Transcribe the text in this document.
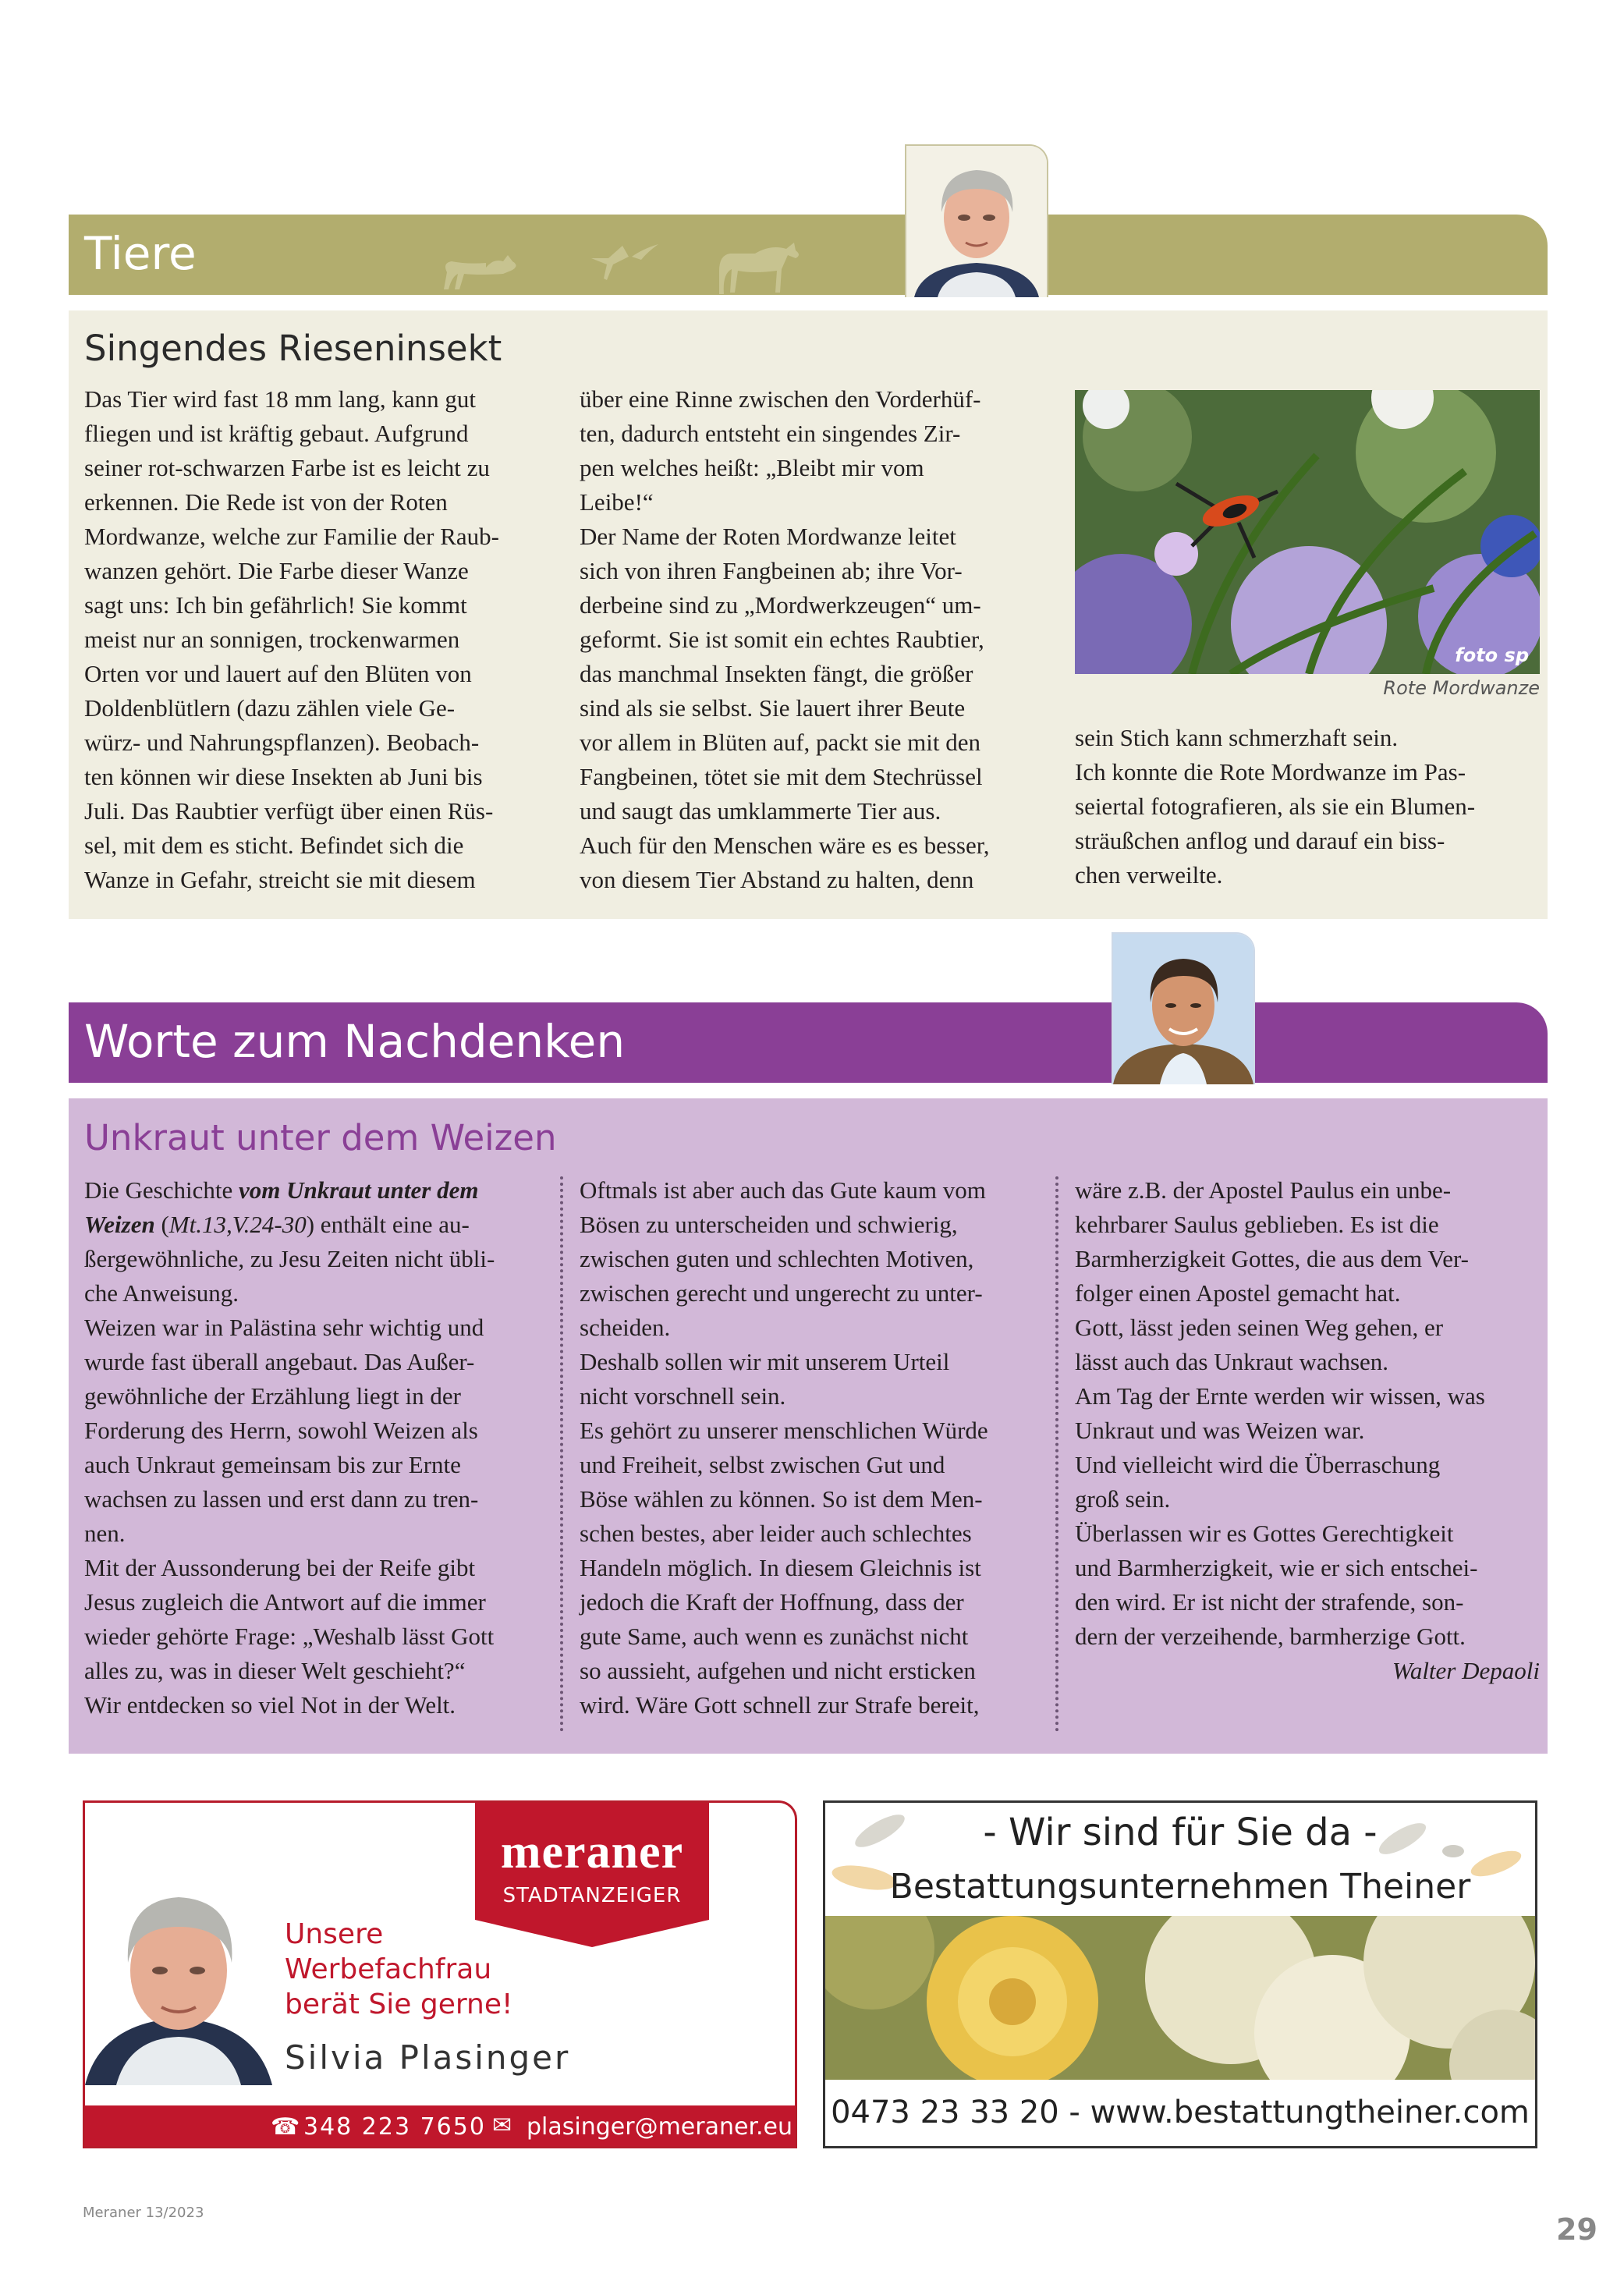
Tiere
Singendes Rieseninsekt
Das Tier wird fast 18 mm lang, kann gut
fliegen und ist kräftig gebaut. Aufgrund
seiner rot-schwarzen Farbe ist es leicht zu
erkennen. Die Rede ist von der Roten
Mordwanze, welche zur Familie der Raub-
wanzen gehört. Die Farbe dieser Wanze
sagt uns: Ich bin gefährlich! Sie kommt
meist nur an sonnigen, trockenwarmen
Orten vor und lauert auf den Blüten von
Doldenblütlern (dazu zählen viele Ge-
würz- und Nahrungspflanzen). Beobach-
ten können wir diese Insekten ab Juni bis
Juli. Das Raubtier verfügt über einen Rüs-
sel, mit dem es sticht. Befindet sich die
Wanze in Gefahr, streicht sie mit diesem
über eine Rinne zwischen den Vorderhüf-
ten, dadurch entsteht ein singendes Zir-
pen welches heißt: „Bleibt mir vom
Leibe!“
Der Name der Roten Mordwanze leitet
sich von ihren Fangbeinen ab; ihre Vor-
derbeine sind zu „Mordwerkzeugen“ um-
geformt. Sie ist somit ein echtes Raubtier,
das manchmal Insekten fängt, die größer
sind als sie selbst. Sie lauert ihrer Beute
vor allem in Blüten auf, packt sie mit den
Fangbeinen, tötet sie mit dem Stechrüssel
und saugt das umklammerte Tier aus.
Auch für den Menschen wäre es es besser,
von diesem Tier Abstand zu halten, denn
foto sp
Rote Mordwanze
sein Stich kann schmerzhaft sein.
Ich konnte die Rote Mordwanze im Pas-
seiertal fotografieren, als sie ein Blumen-
sträußchen anflog und darauf ein biss-
chen verweilte.
Worte zum Nachdenken
Unkraut unter dem Weizen
Die Geschichte vom Unkraut unter dem
Weizen (Mt.13,V.24-30) enthält eine au-
ßergewöhnliche, zu Jesu Zeiten nicht übli-
che Anweisung.
Weizen war in Palästina sehr wichtig und
wurde fast überall angebaut. Das Außer-
gewöhnliche der Erzählung liegt in der
Forderung des Herrn, sowohl Weizen als
auch Unkraut gemeinsam bis zur Ernte
wachsen zu lassen und erst dann zu tren-
nen.
Mit der Aussonderung bei der Reife gibt
Jesus zugleich die Antwort auf die immer
wieder gehörte Frage: „Weshalb lässt Gott
alles zu, was in dieser Welt geschieht?“
Wir entdecken so viel Not in der Welt.
Oftmals ist aber auch das Gute kaum vom
Bösen zu unterscheiden und schwierig,
zwischen guten und schlechten Motiven,
zwischen gerecht und ungerecht zu unter-
scheiden.
Deshalb sollen wir mit unserem Urteil
nicht vorschnell sein.
Es gehört zu unserer menschlichen Würde
und Freiheit, selbst zwischen Gut und
Böse wählen zu können. So ist dem Men-
schen bestes, aber leider auch schlechtes
Handeln möglich. In diesem Gleichnis ist
jedoch die Kraft der Hoffnung, dass der
gute Same, auch wenn es zunächst nicht
so aussieht, aufgehen und nicht ersticken
wird. Wäre Gott schnell zur Strafe bereit,
wäre z.B. der Apostel Paulus ein unbe-
kehrbarer Saulus geblieben. Es ist die
Barmherzigkeit Gottes, die aus dem Ver-
folger einen Apostel gemacht hat.
Gott, lässt jeden seinen Weg gehen, er
lässt auch das Unkraut wachsen.
Am Tag der Ernte werden wir wissen, was
Unkraut und was Weizen war.
Und vielleicht wird die Überraschung
groß sein.
Überlassen wir es Gottes Gerechtigkeit
und Barmherzigkeit, wie er sich entschei-
den wird. Er ist nicht der strafende, son-
dern der verzeihende, barmherzige Gott.
Walter Depaoli
meraner
STADTANZEIGER
Unsere
Werbefachfrau
berät Sie gerne!
Silvia Plasinger
☎ 348 223 7650 ✉ plasinger@meraner.eu
- Wir sind für Sie da -
Bestattungsunternehmen Theiner
0473 23 33 20 - www.bestattungtheiner.com
Meraner 13/2023	29
